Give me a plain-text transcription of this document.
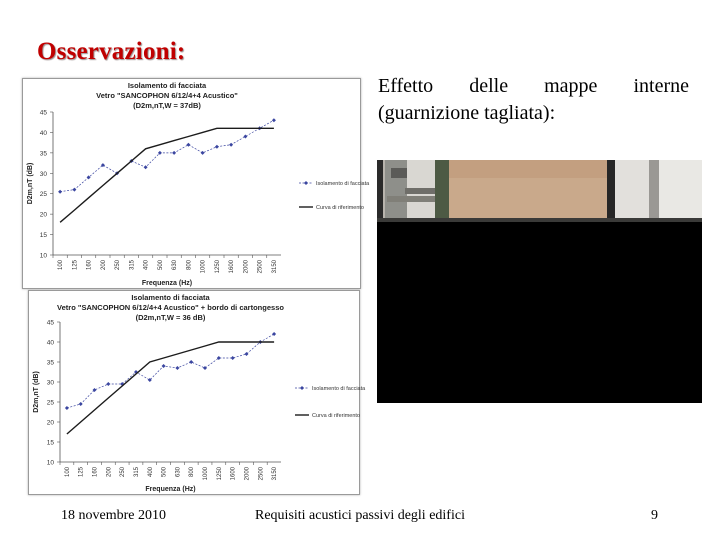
Osservazioni:
Effetto delle mappe interne (guarnizione tagliata):
Isolamento di facciata
Vetro "SANCOPHON 6/12/4+4 Acustico"
(D2m,nT,W = 37dB)
10
15
20
25
30
35
40
45
100 125 160 200 250 315 400 500 630 800 1000 1250 1600 2000 2500 3150
Frequenza (Hz)
D2m,nT (dB)	Isolamento di facciata
Curva di riferimento
Isolamento di facciata
Vetro "SANCOPHON 6/12/4+4 Acustico" + bordo di cartongesso
(D2m,nT,W = 36 dB)
10
15
20
25
30
35
40
45
100 125 160 200 250 315 400 500 630 800 1000 1250 1600 2000 2500 3150
Frequenza (Hz)
D2m,nT (dB)	Isolamento di facciata
Curva di riferimento
18 novembre 2010	Requisiti acustici passivi degli edifici	9
